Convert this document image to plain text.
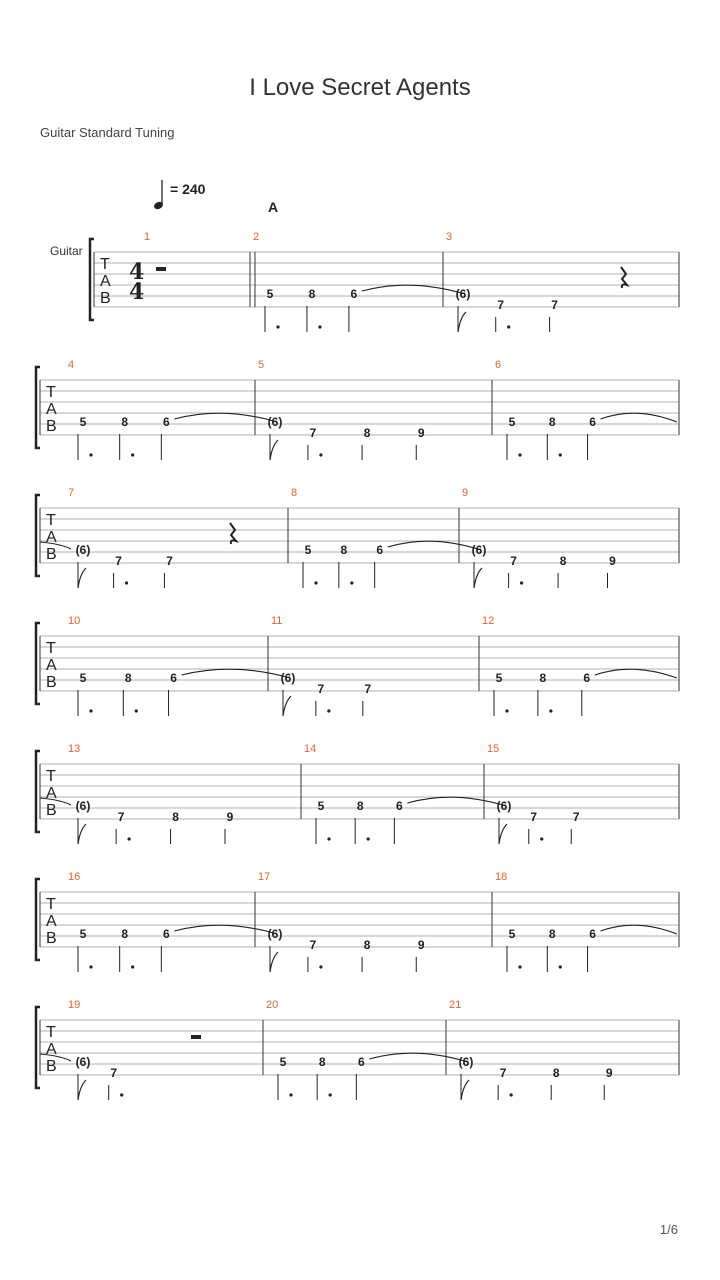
I Love Secret Agents
Guitar Standard Tuning
= 240
A
T
A
B
Guitar
4
4
1	2
5	8	6
3
(6)
7	7
T
A
B
4
5	8	6
5
(6)
7	8	9
6
5	8	6
T
A
B
7
(6)
7	7
8
5 8 6
9
(6)
7	8	9
T
A
B
10
5	8	6
11
(6)
7	7
12
5	8	6
T
A
B
13
(6)
7	8	9
14
5	8	6
15
(6)
7	7
T
A
B
16
5	8	6
17
(6)
7	8	9
18
5	8	6
T
A
B
19
(6)
7
20
5	8	6
21
(6)
7	8	9
1/6
